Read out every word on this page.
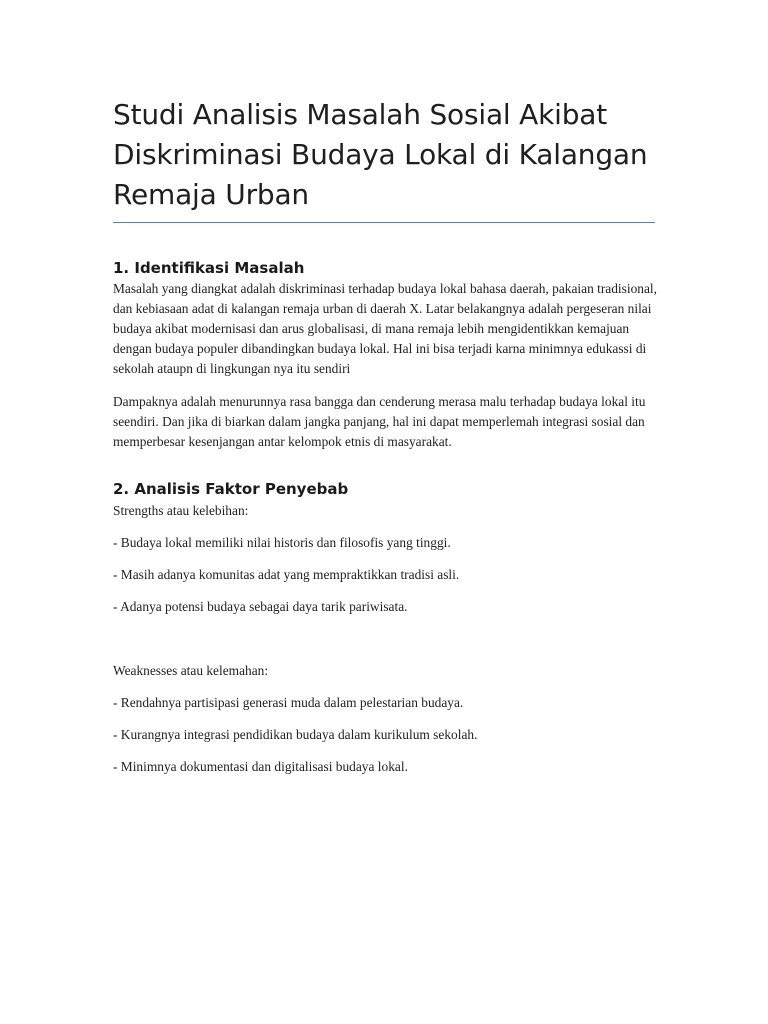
Studi Analisis Masalah Sosial Akibat Diskriminasi Budaya Lokal di Kalangan Remaja Urban
1. Identifikasi Masalah

Masalah yang diangkat adalah diskriminasi terhadap budaya lokal bahasa daerah, pakaian tradisional, dan kebiasaan adat di kalangan remaja urban di daerah X. Latar belakangnya adalah pergeseran nilai budaya akibat modernisasi dan arus globalisasi, di mana remaja lebih mengidentikkan kemajuan dengan budaya populer dibandingkan budaya lokal. Hal ini bisa terjadi karna minimnya edukassi di sekolah ataupn di lingkungan nya itu sendiri

Dampaknya adalah menurunnya rasa bangga dan cenderung merasa malu terhadap budaya lokal itu seendiri. Dan jika di biarkan dalam jangka panjang, hal ini dapat memperlemah integrasi sosial dan memperbesar kesenjangan antar kelompok etnis di masyarakat.

2. Analisis Faktor Penyebab

Strengths atau kelebihan:

- Budaya lokal memiliki nilai historis dan filosofis yang tinggi.

- Masih adanya komunitas adat yang mempraktikkan tradisi asli.

- Adanya potensi budaya sebagai daya tarik pariwisata.

Weaknesses atau kelemahan:

- Rendahnya partisipasi generasi muda dalam pelestarian budaya.

- Kurangnya integrasi pendidikan budaya dalam kurikulum sekolah.

- Minimnya dokumentasi dan digitalisasi budaya lokal.
